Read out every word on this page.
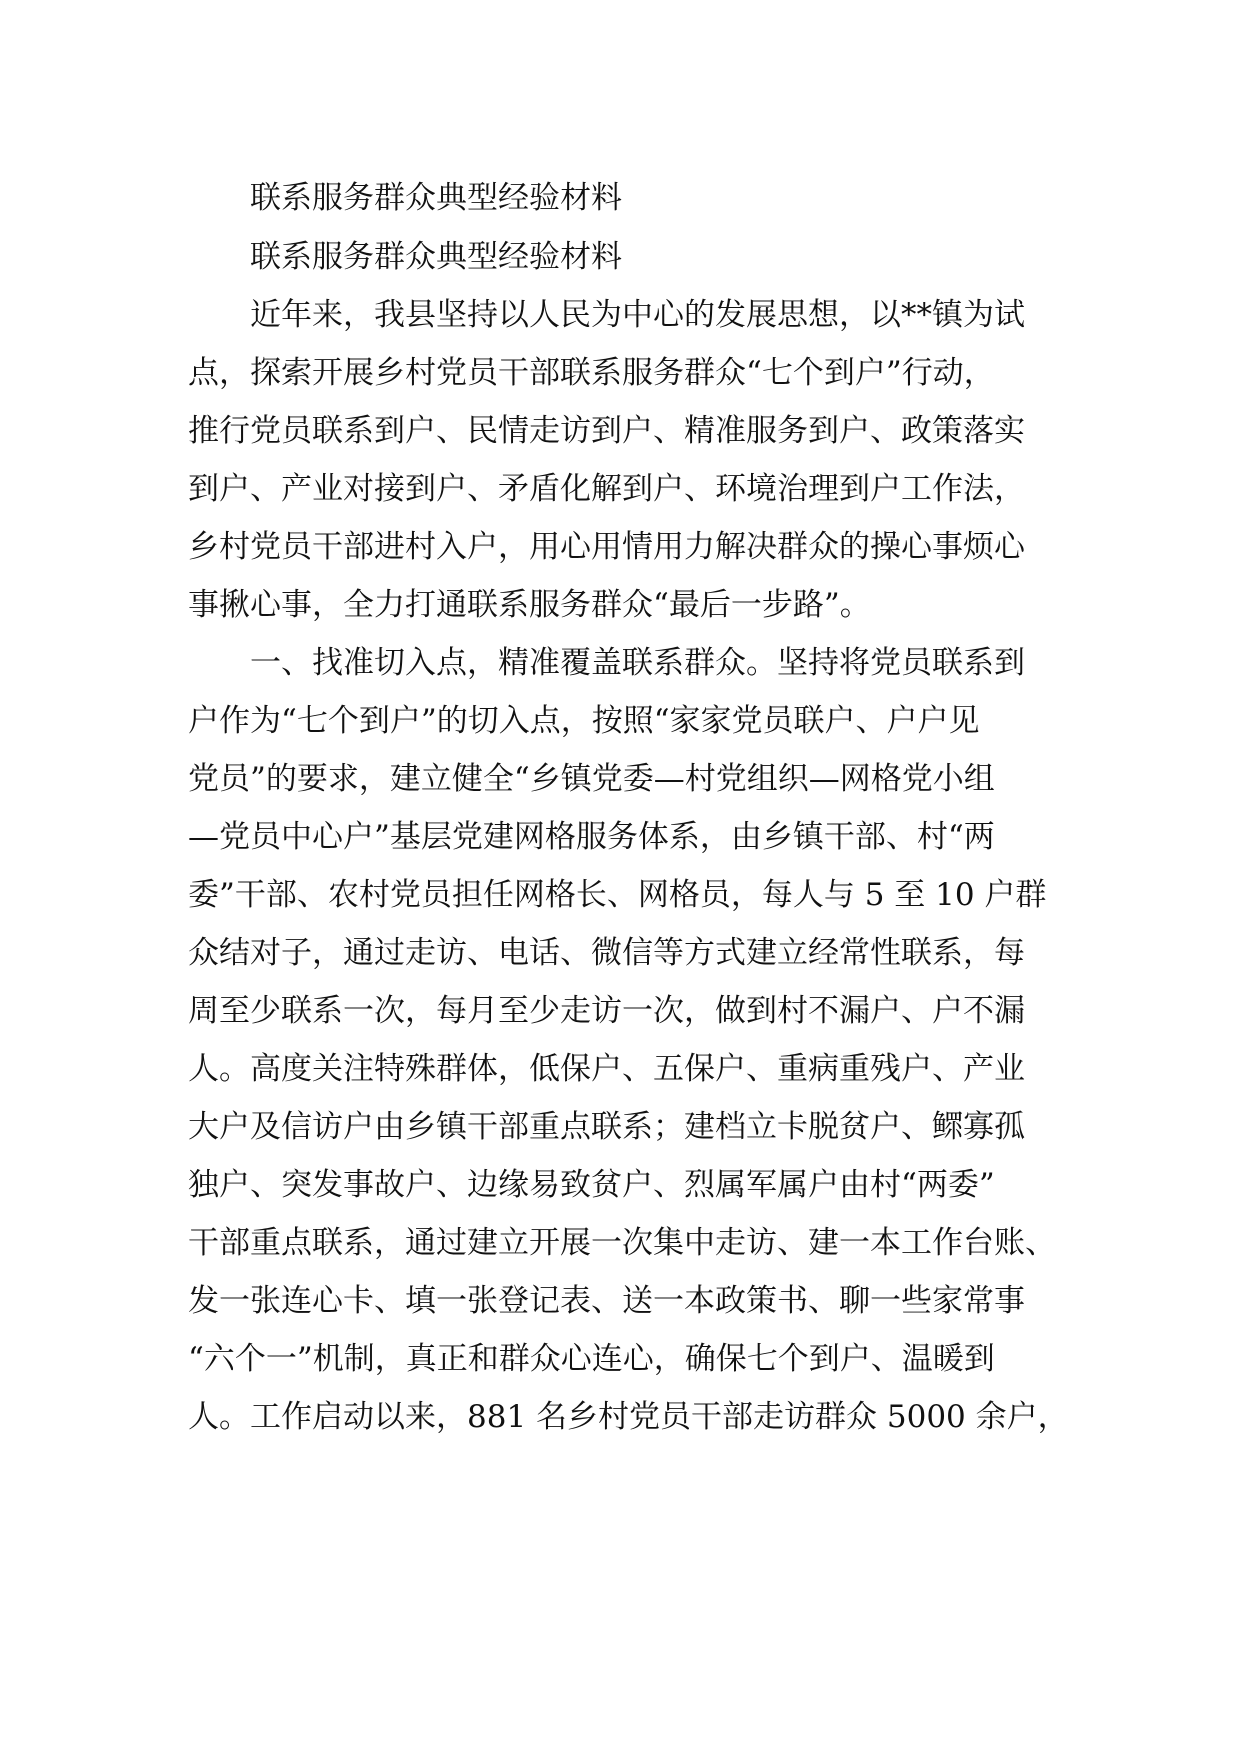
联系服务群众典型经验材料
联系服务群众典型经验材料
近年来，我县坚持以人民为中心的发展思想，以**镇为试
点，探索开展乡村党员干部联系服务群众“七个到户”行动，
推行党员联系到户、民情走访到户、精准服务到户、政策落实
到户、产业对接到户、矛盾化解到户、环境治理到户工作法，
乡村党员干部进村入户，用心用情用力解决群众的操心事烦心
事揪心事，全力打通联系服务群众“最后一步路”。
一、找准切入点，精准覆盖联系群众。坚持将党员联系到
户作为“七个到户”的切入点，按照“家家党员联户、户户见
党员”的要求，建立健全“乡镇党委—村党组织—网格党小组
—党员中心户”基层党建网格服务体系，由乡镇干部、村“两
委”干部、农村党员担任网格长、网格员，每人与 5 至 10 户群
众结对子，通过走访、电话、微信等方式建立经常性联系，每
周至少联系一次，每月至少走访一次，做到村不漏户、户不漏
人。高度关注特殊群体，低保户、五保户、重病重残户、产业
大户及信访户由乡镇干部重点联系；建档立卡脱贫户、鳏寡孤
独户、突发事故户、边缘易致贫户、烈属军属户由村“两委”
干部重点联系，通过建立开展一次集中走访、建一本工作台账、
发一张连心卡、填一张登记表、送一本政策书、聊一些家常事
“六个一”机制，真正和群众心连心，确保七个到户、温暖到
人。工作启动以来，881 名乡村党员干部走访群众 5000 余户，
